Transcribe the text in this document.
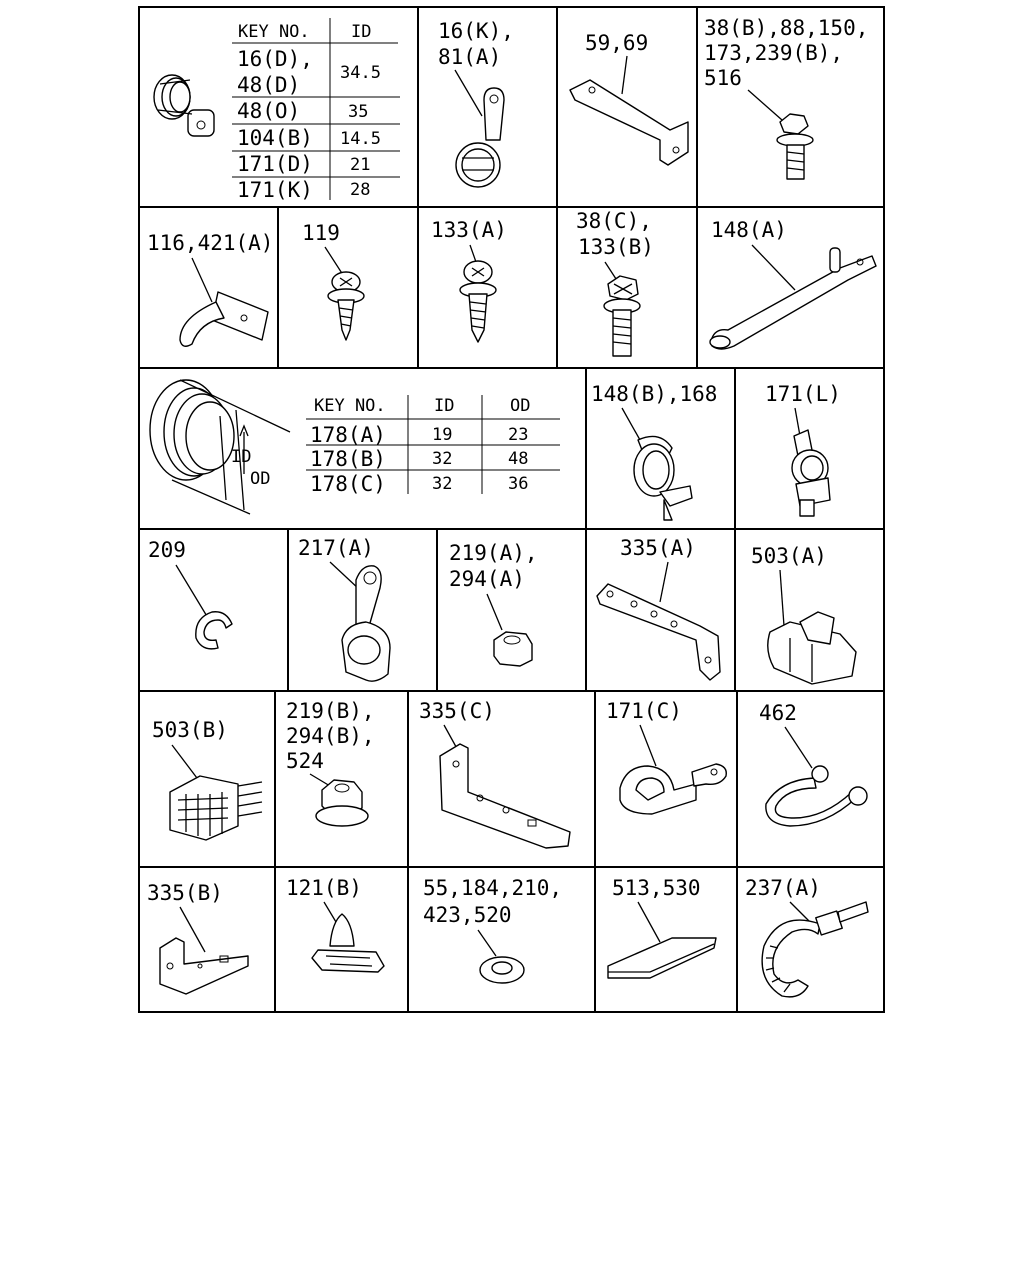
KEY NO. ID
16(D),
48(D) 34.5
48(O)	35
104(B) 14.5
171(D) 21
171(K) 28
16(K),
81(A)
59,69
38(B),88,150,
173,239(B),
516
116,421(A) 119	133(A)	38(C),
133(B)
148(A)
ID
OD
KEY NO.	ID	OD
178(A)	19	23
178(B)	32	48
178(C)	32	36
148(B),168 171(L)
209	217(A)	219(A),
294(A)
335(A)	503(A)
503(B)
219(B),
294(B),
524
335(C)	171(C)	462
335(B)	121(B)	55,184,210,
423,520
513,530 237(A)
